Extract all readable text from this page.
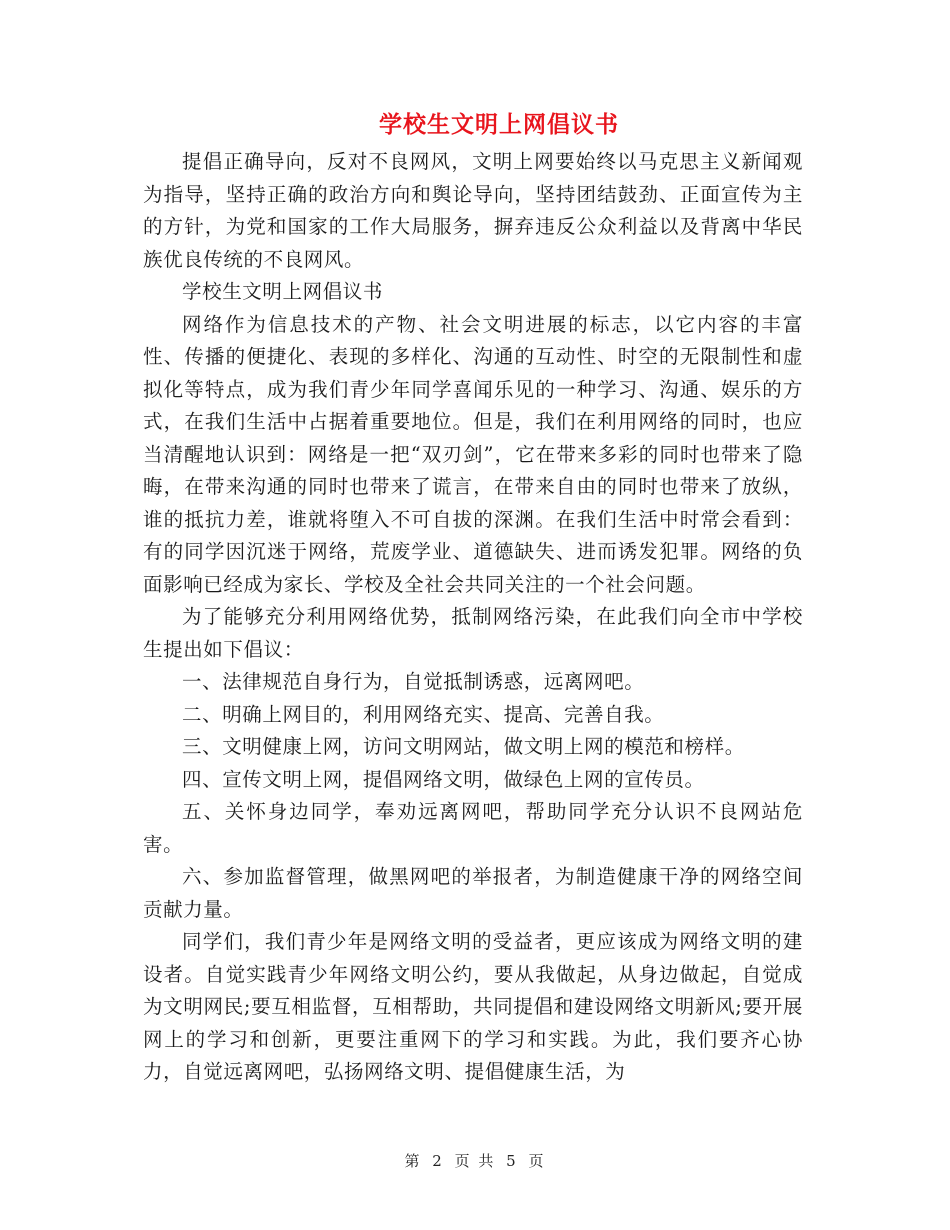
学校生文明上网倡议书

提倡正确导向，反对不良网风，文明上网要始终以马克思主义新闻观为指导，坚持正确的政治方向和舆论导向，坚持团结鼓劲、正面宣传为主的方针，为党和国家的工作大局服务，摒弃违反公众利益以及背离中华民族优良传统的不良网风。

学校生文明上网倡议书

网络作为信息技术的产物、社会文明进展的标志，以它内容的丰富性、传播的便捷化、表现的多样化、沟通的互动性、时空的无限制性和虚拟化等特点，成为我们青少年同学喜闻乐见的一种学习、沟通、娱乐的方式，在我们生活中占据着重要地位。但是，我们在利用网络的同时，也应当清醒地认识到：网络是一把“双刃剑”，它在带来多彩的同时也带来了隐晦，在带来沟通的同时也带来了谎言，在带来自由的同时也带来了放纵，谁的抵抗力差，谁就将堕入不可自拔的深渊。在我们生活中时常会看到：有的同学因沉迷于网络，荒废学业、道德缺失、进而诱发犯罪。网络的负面影响已经成为家长、学校及全社会共同关注的一个社会问题。

为了能够充分利用网络优势，抵制网络污染，在此我们向全市中学校生提出如下倡议：

一、法律规范自身行为，自觉抵制诱惑，远离网吧。

二、明确上网目的，利用网络充实、提高、完善自我。

三、文明健康上网，访问文明网站，做文明上网的模范和榜样。

四、宣传文明上网，提倡网络文明，做绿色上网的宣传员。

五、关怀身边同学，奉劝远离网吧，帮助同学充分认识不良网站危害。

六、参加监督管理，做黑网吧的举报者，为制造健康干净的网络空间贡献力量。

同学们，我们青少年是网络文明的受益者，更应该成为网络文明的建设者。自觉实践青少年网络文明公约，要从我做起，从身边做起，自觉成为文明网民;要互相监督，互相帮助，共同提倡和建设网络文明新风;要开展网上的学习和创新，更要注重网下的学习和实践。为此，我们要齐心协力，自觉远离网吧，弘扬网络文明、提倡健康生活，为

第 2 页 共 5 页
